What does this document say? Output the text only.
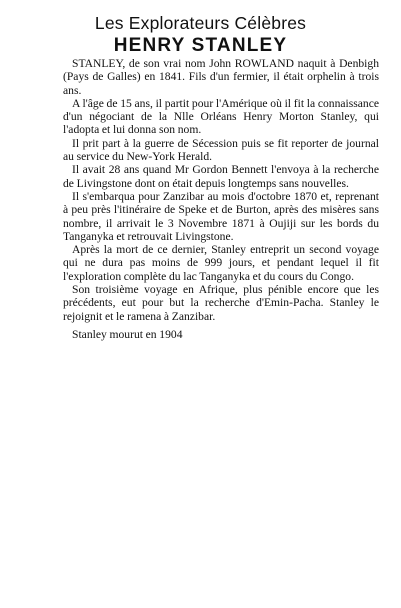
Les Explorateurs Célèbres
HENRY STANLEY

STANLEY, de son vrai nom John ROWLAND naquit à Denbigh (Pays de Galles) en 1841. Fils d'un fermier, il était orphelin à trois ans.

A l'âge de 15 ans, il partit pour l'Amérique où il fit la connaissance d'un négociant de la Nlle Orléans Henry Morton Stanley, qui l'adopta et lui donna son nom.

Il prit part à la guerre de Sécession puis se fit reporter de journal au service du New-York Herald.

Il avait 28 ans quand Mr Gordon Bennett l'envoya à la recherche de Livingstone dont on était depuis longtemps sans nouvelles.

Il s'embarqua pour Zanzibar au mois d'octobre 1870 et, reprenant à peu près l'itinéraire de Speke et de Burton, après des misères sans nombre, il arrivait le 3 Novembre 1871 à Oujiji sur les bords du Tanganyka et retrouvait Livingstone.

Après la mort de ce dernier, Stanley entreprit un second voyage qui ne dura pas moins de 999 jours, et pendant lequel il fit l'exploration complète du lac Tanganyka et du cours du Congo.

Son troisième voyage en Afrique, plus pénible encore que les précédents, eut pour but la recherche d'Emin-Pacha. Stanley le rejoignit et le ramena à Zanzibar.

Stanley mourut en 1904
